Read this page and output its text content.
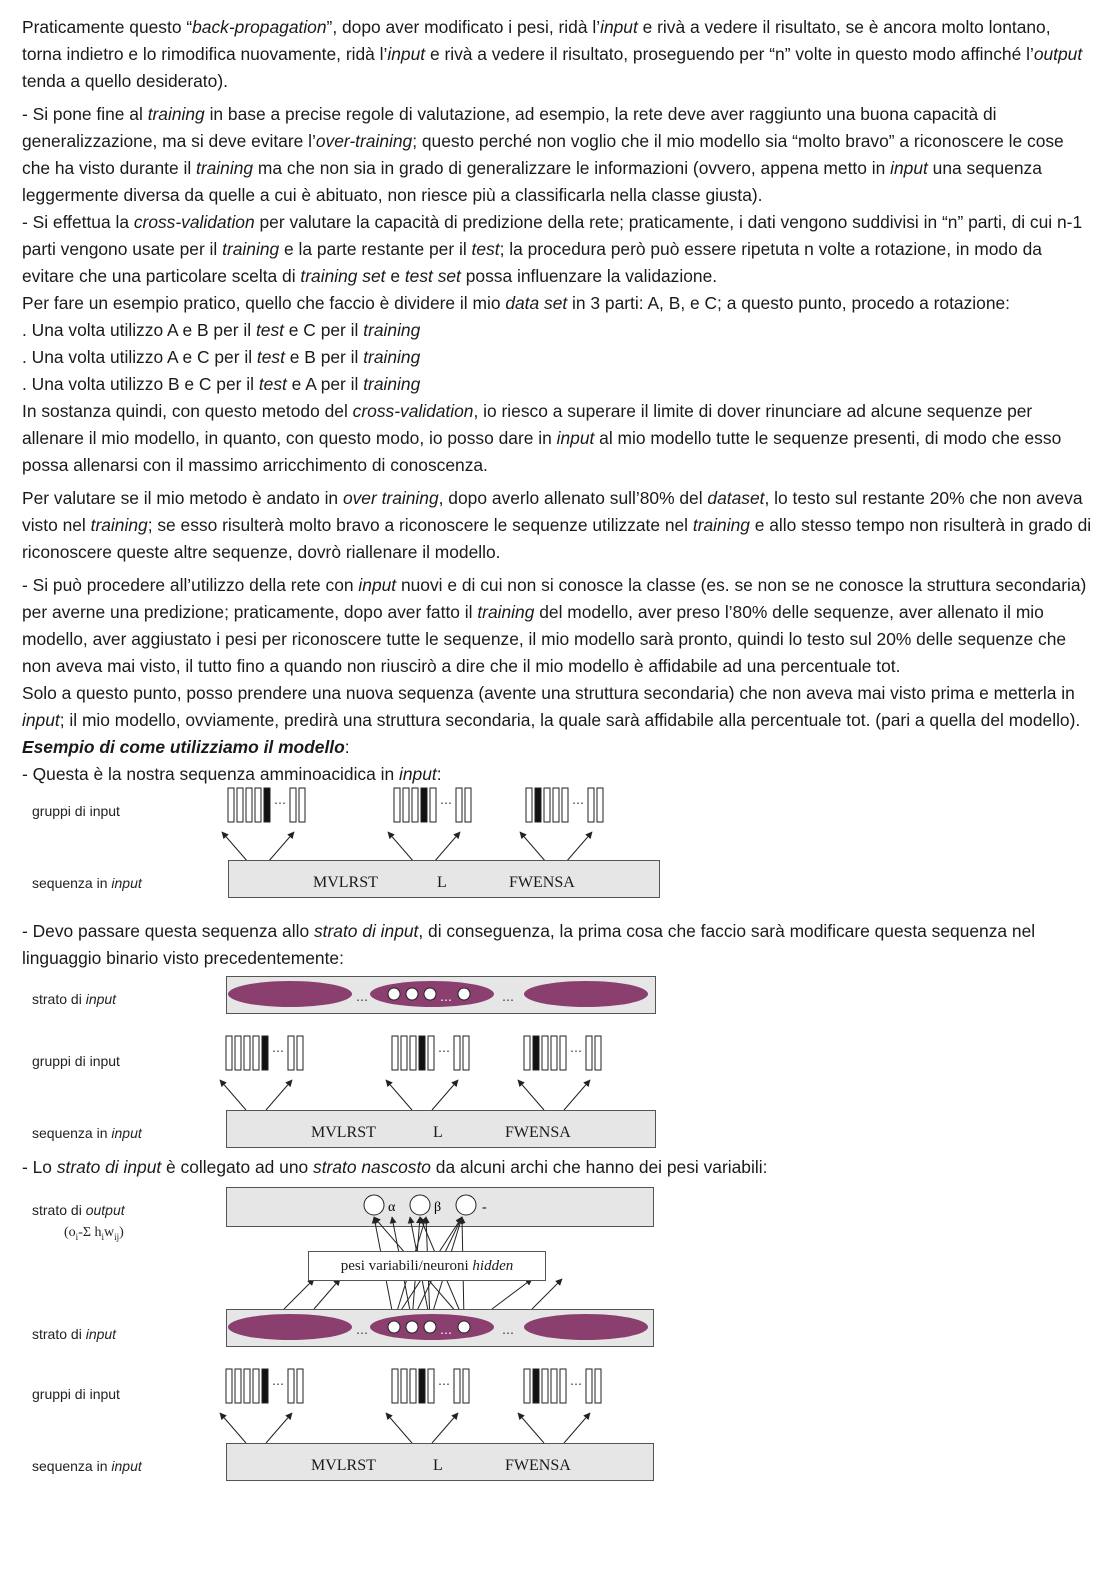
Praticamente questo “back-propagation”, dopo aver modificato i pesi, ridà l’input e rivà a vedere il risultato, se è ancora molto lontano, torna indietro e lo rimodifica nuovamente, ridà l’input e rivà a vedere il risultato, proseguendo per “n” volte in questo modo affinché l’output tenda a quello desiderato).

- Si pone fine al training in base a precise regole di valutazione, ad esempio, la rete deve aver raggiunto una buona capacità di generalizzazione, ma si deve evitare l’over-training; questo perché non voglio che il mio modello sia “molto bravo” a riconoscere le cose che ha visto durante il training ma che non sia in grado di generalizzare le informazioni (ovvero, appena metto in input una sequenza leggermente diversa da quelle a cui è abituato, non riesce più a classificarla nella classe giusta).

- Si effettua la cross-validation per valutare la capacità di predizione della rete; praticamente, i dati vengono suddivisi in “n” parti, di cui n-1 parti vengono usate per il training e la parte restante per il test; la procedura però può essere ripetuta n volte a rotazione, in modo da evitare che una particolare scelta di training set e test set possa influenzare la validazione.

Per fare un esempio pratico, quello che faccio è dividere il mio data set in 3 parti: A, B, e C; a questo punto, procedo a rotazione:

. Una volta utilizzo A e B per il test e C per il training

. Una volta utilizzo A e C per il test e B per il training

. Una volta utilizzo B e C per il test e A per il training

In sostanza quindi, con questo metodo del cross-validation, io riesco a superare il limite di dover rinunciare ad alcune sequenze per allenare il mio modello, in quanto, con questo modo, io posso dare in input al mio modello tutte le sequenze presenti, di modo che esso possa allenarsi con il massimo arricchimento di conoscenza.

Per valutare se il mio metodo è andato in over training, dopo averlo allenato sull’80% del dataset, lo testo sul restante 20% che non aveva visto nel training; se esso risulterà molto bravo a riconoscere le sequenze utilizzate nel training e allo stesso tempo non risulterà in grado di riconoscere queste altre sequenze, dovrò riallenare il modello.

- Si può procedere all’utilizzo della rete con input nuovi e di cui non si conosce la classe (es. se non se ne conosce la struttura secondaria) per averne una predizione; praticamente, dopo aver fatto il training del modello, aver preso l’80% delle sequenze, aver allenato il mio modello, aver aggiustato i pesi per riconoscere tutte le sequenze, il mio modello sarà pronto, quindi lo testo sul 20% delle sequenze che non aveva mai visto, il tutto fino a quando non riuscirò a dire che il mio modello è affidabile ad una percentuale tot.

Solo a questo punto, posso prendere una nuova sequenza (avente una struttura secondaria) che non aveva mai visto prima e metterla in input; il mio modello, ovviamente, predirà una struttura secondaria, la quale sarà affidabile alla percentuale tot. (pari a quella del modello).

Esempio di come utilizziamo il modello:

- Questa è la nostra sequenza amminoacidica in input:

gruppi di input
sequenza in input
…	…	…
MVLRST	L	FWENSA

- Devo passare questa sequenza allo strato di input, di conseguenza, la prima cosa che faccio sarà modificare questa sequenza nel linguaggio binario visto precedentemente:

strato di input	…	…	…
gruppi di input
…	…	…
sequenza in input	MVLRST	L	FWENSA

- Lo strato di input è collegato ad uno strato nascosto da alcuni archi che hanno dei pesi variabili:

strato di output
($o_i-\Sigma$ $h_iw_{ij}$)
α	β	-
pesi variabili/neuroni hidden
strato di input	…	…	…
gruppi di input
…	…	…
sequenza in input	MVLRST	L	FWENSA
